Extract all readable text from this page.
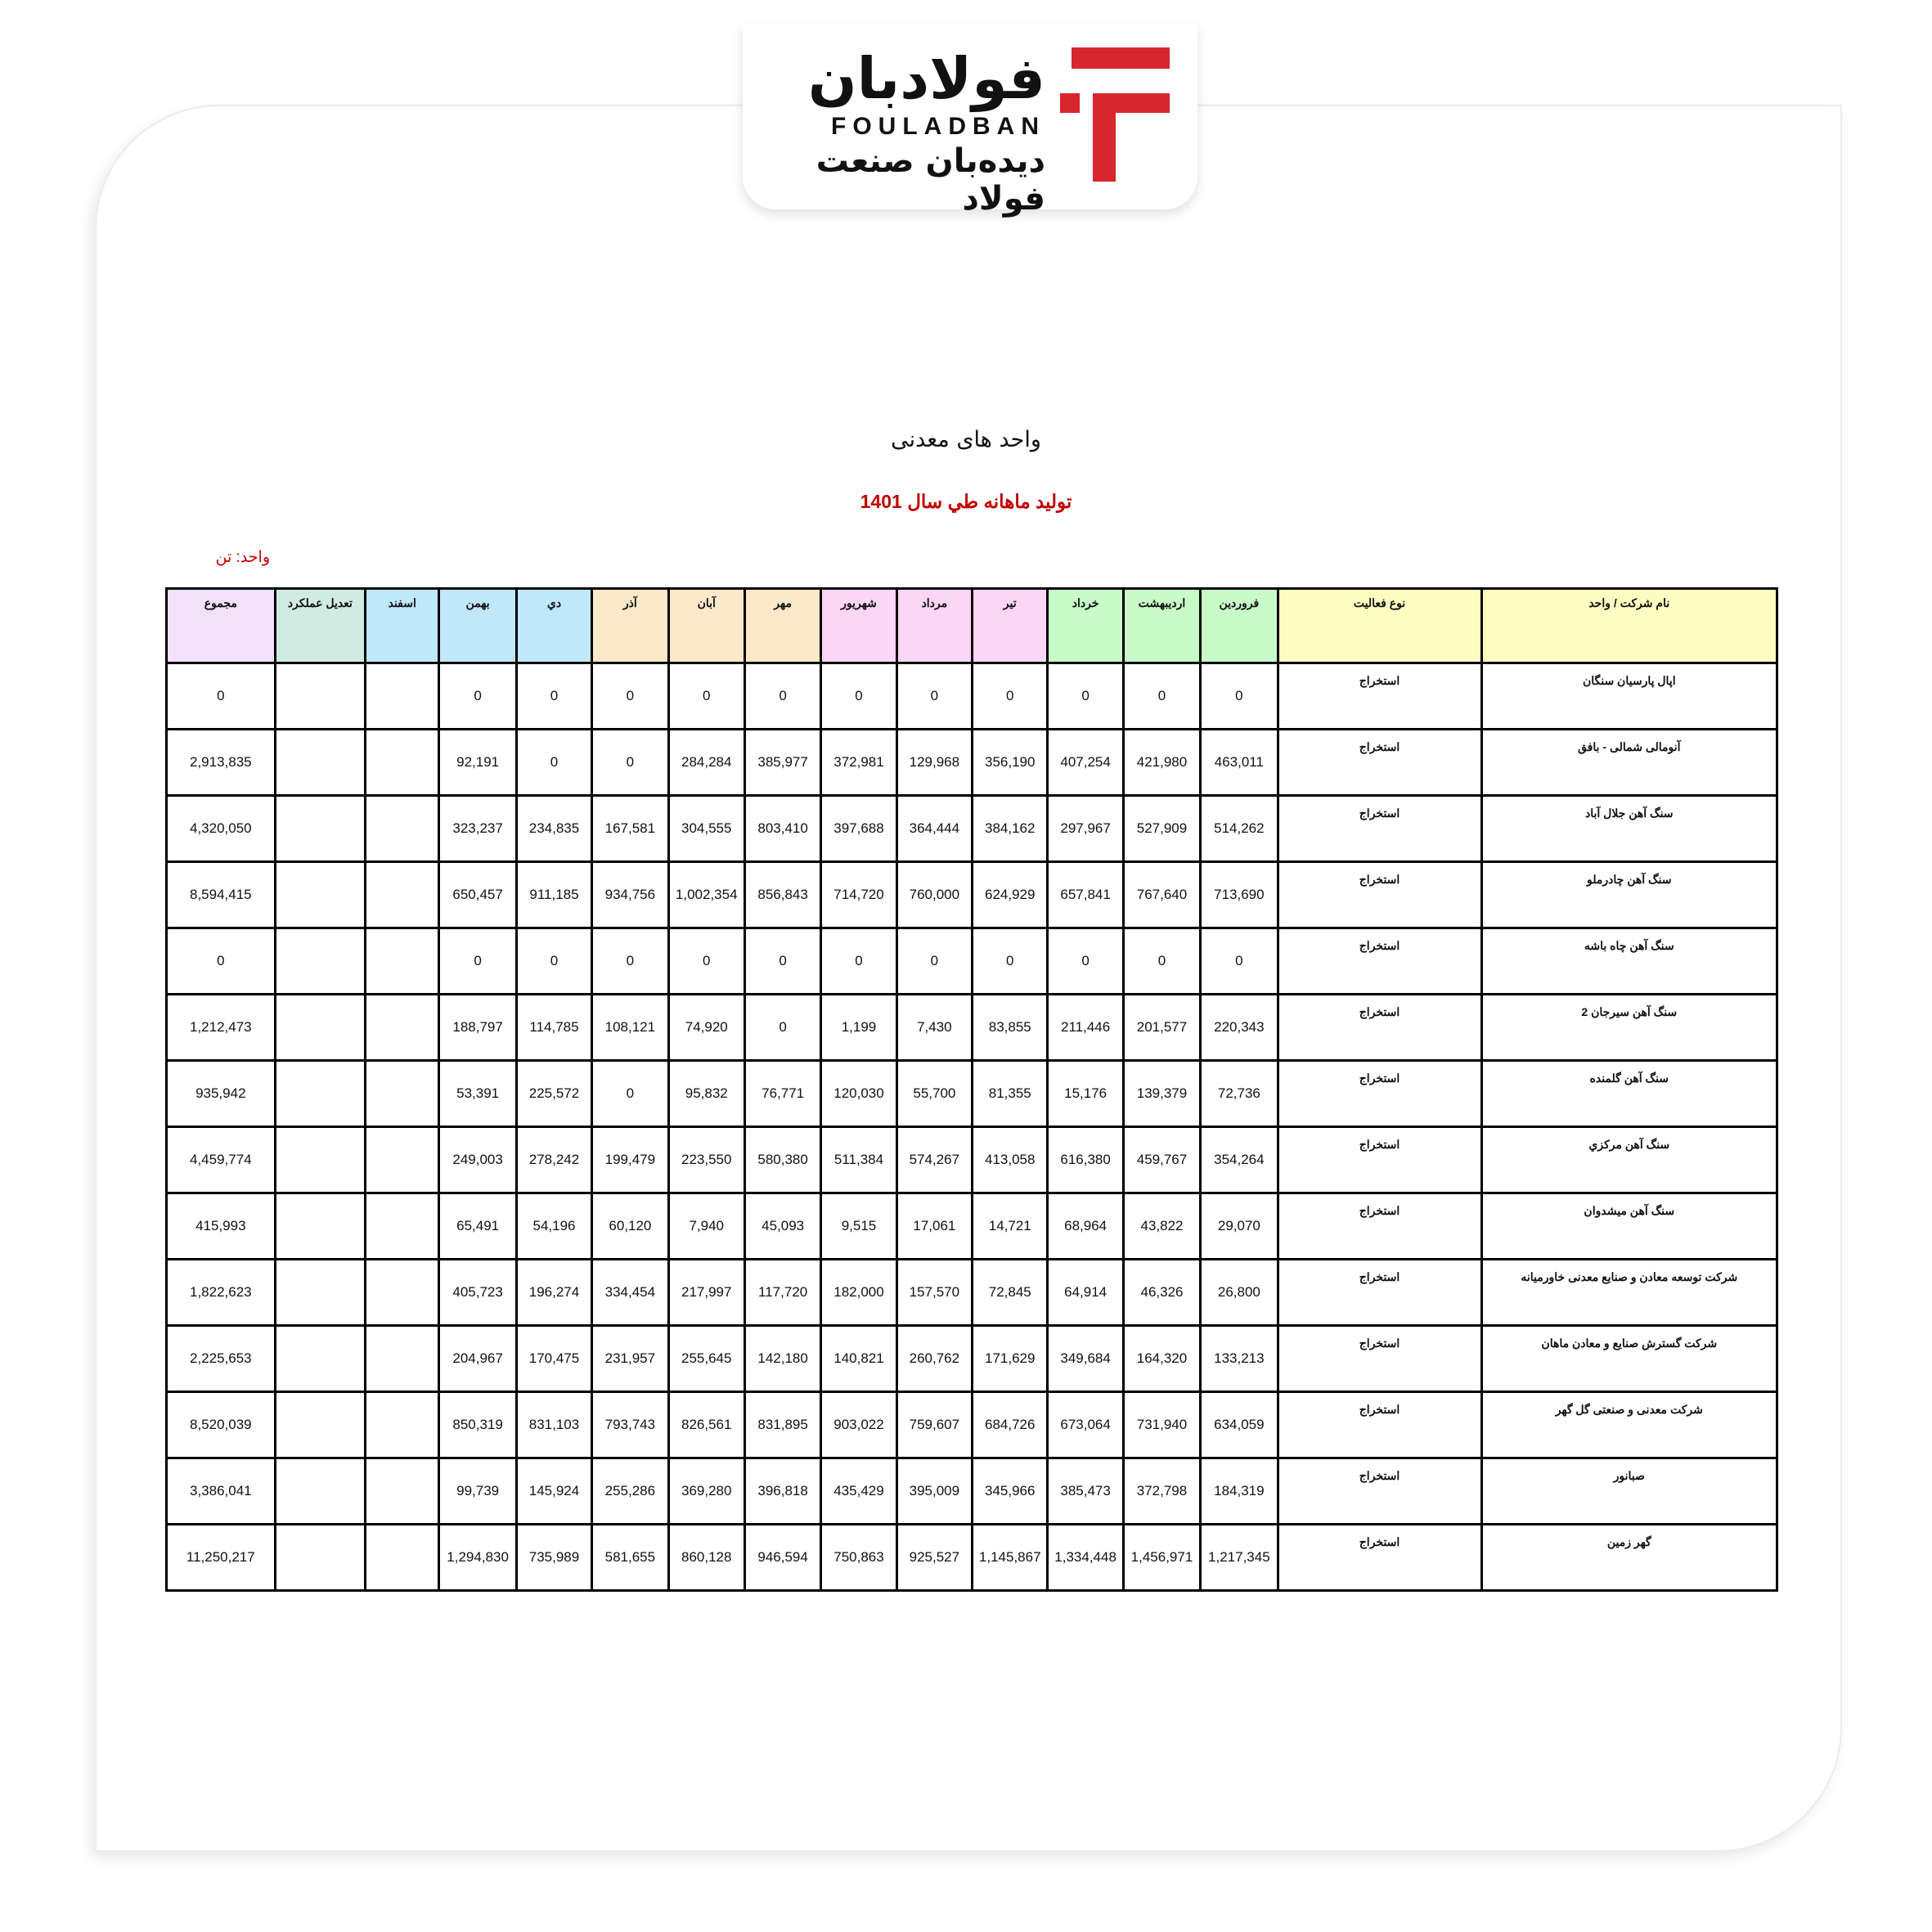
فولادبان
FOULADBAN
دیده‌بان صنعت فولاد
واحد های معدنی
توليد ماهانه طي سال 1401
واحد: تن
نام شرکت / واحد	نوع فعالیت	فروردين	ارديبهشت	خرداد	تير	مرداد	شهريور	مهر	آبان	آذر	دي	بهمن	اسفند	تعديل عملكرد	مجموع
اپال پارسیان سنگان	استخراج	0	0	0	0	0	0	0	0	0	0	0			0
آنومالی شمالی - بافق	استخراج	463,011	421,980	407,254	356,190	129,968	372,981	385,977	284,284	0	0	92,191			2,913,835
سنگ آهن جلال آباد	استخراج	514,262	527,909	297,967	384,162	364,444	397,688	803,410	304,555	167,581	234,835	323,237			4,320,050
سنگ آهن چادرملو	استخراج	713,690	767,640	657,841	624,929	760,000	714,720	856,843	1,002,354	934,756	911,185	650,457			8,594,415
سنگ آهن چاه باشه	استخراج	0	0	0	0	0	0	0	0	0	0	0			0
سنگ آهن سیرجان 2	استخراج	220,343	201,577	211,446	83,855	7,430	1,199	0	74,920	108,121	114,785	188,797			1,212,473
سنگ آهن گلمنده	استخراج	72,736	139,379	15,176	81,355	55,700	120,030	76,771	95,832	0	225,572	53,391			935,942
سنگ آهن مرکزي	استخراج	354,264	459,767	616,380	413,058	574,267	511,384	580,380	223,550	199,479	278,242	249,003			4,459,774
سنگ آهن میشدوان	استخراج	29,070	43,822	68,964	14,721	17,061	9,515	45,093	7,940	60,120	54,196	65,491			415,993
شرکت توسعه معادن و صنایع معدنی خاورمیانه	استخراج	26,800	46,326	64,914	72,845	157,570	182,000	117,720	217,997	334,454	196,274	405,723			1,822,623
شرکت گسترش صنایع و معادن ماهان	استخراج	133,213	164,320	349,684	171,629	260,762	140,821	142,180	255,645	231,957	170,475	204,967			2,225,653
شرکت معدنی و صنعتی گل گهر	استخراج	634,059	731,940	673,064	684,726	759,607	903,022	831,895	826,561	793,743	831,103	850,319			8,520,039
صبانور	استخراج	184,319	372,798	385,473	345,966	395,009	435,429	396,818	369,280	255,286	145,924	99,739			3,386,041
گهر زمین	استخراج	1,217,345	1,456,971	1,334,448	1,145,867	925,527	750,863	946,594	860,128	581,655	735,989	1,294,830			11,250,217
